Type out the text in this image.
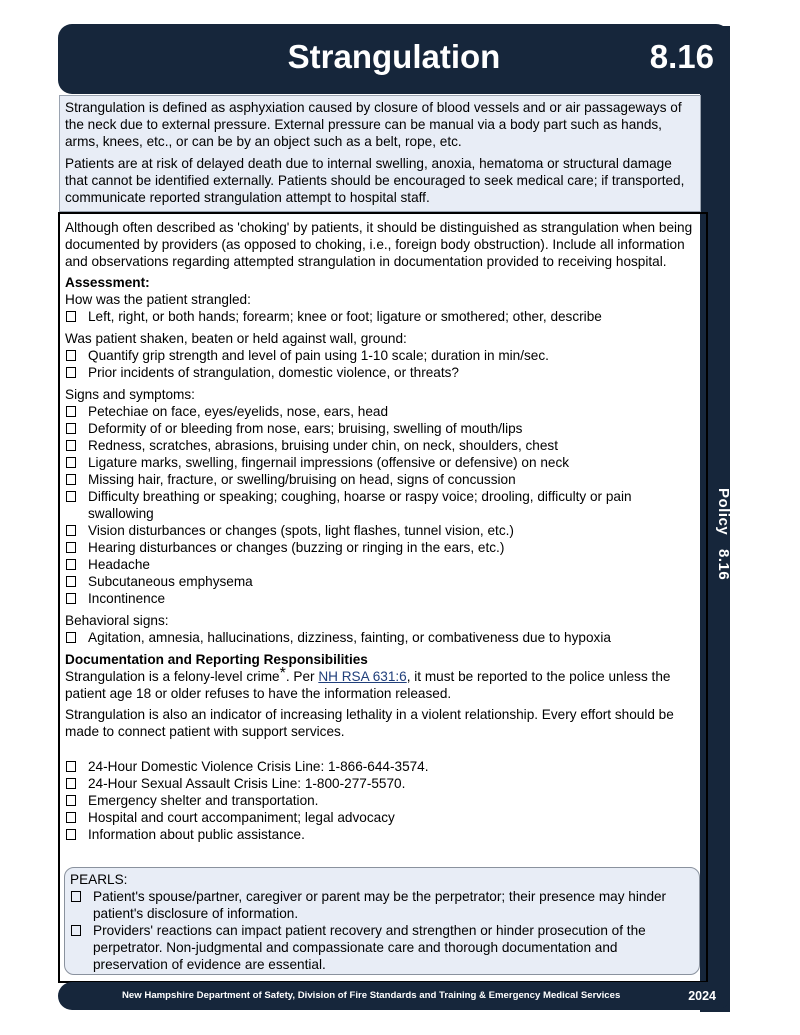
Strangulation	8.16
Policy   8.16

Strangulation is defined as asphyxiation caused by closure of blood vessels and or air passageways of the neck due to external pressure. External pressure can be manual via a body part such as hands, arms, knees, etc., or can be by an object such as a belt, rope, etc.

Patients are at risk of delayed death due to internal swelling, anoxia, hematoma or structural damage that cannot be identified externally. Patients should be encouraged to seek medical care; if transported, communicate reported strangulation attempt to hospital staff.

Although often described as 'choking' by patients, it should be distinguished as strangulation when being documented by providers (as opposed to choking, i.e., foreign body obstruction). Include all information and observations regarding attempted strangulation in documentation provided to receiving hospital.

Assessment:
How was the patient strangled:
Left, right, or both hands; forearm; knee or foot; ligature or smothered; other, describe
Was patient shaken, beaten or held against wall, ground:
Quantify grip strength and level of pain using 1-10 scale; duration in min/sec.
Prior incidents of strangulation, domestic violence, or threats?
Signs and symptoms:
Petechiae on face, eyes/eyelids, nose, ears, head
Deformity of or bleeding from nose, ears; bruising, swelling of mouth/lips
Redness, scratches, abrasions, bruising under chin, on neck, shoulders, chest
Ligature marks, swelling, fingernail impressions (offensive or defensive) on neck
Missing hair, fracture, or swelling/bruising on head, signs of concussion
Difficulty breathing or speaking; coughing, hoarse or raspy voice; drooling, difficulty or pain swallowing
Vision disturbances or changes (spots, light flashes, tunnel vision, etc.)
Hearing disturbances or changes (buzzing or ringing in the ears, etc.)
Headache
Subcutaneous emphysema
Incontinence
Behavioral signs:
Agitation, amnesia, hallucinations, dizziness, fainting, or combativeness due to hypoxia
Documentation and Reporting Responsibilities

Strangulation is a felony-level crime*. Per NH RSA 631:6, it must be reported to the police unless the patient age 18 or older refuses to have the information released.

Strangulation is also an indicator of increasing lethality in a violent relationship. Every effort should be made to connect patient with support services.

24-Hour Domestic Violence Crisis Line: 1-866-644-3574.
24-Hour Sexual Assault Crisis Line: 1-800-277-5570.
Emergency shelter and transportation.
Hospital and court accompaniment; legal advocacy
Information about public assistance.
PEARLS:
Patient's spouse/partner, caregiver or parent may be the perpetrator; their presence may hinder patient's disclosure of information.
Providers' reactions can impact patient recovery and strengthen or hinder prosecution of the perpetrator. Non-judgmental and compassionate care and thorough documentation and preservation of evidence are essential.
New Hampshire Department of Safety, Division of Fire Standards and Training & Emergency Medical Services	2024
